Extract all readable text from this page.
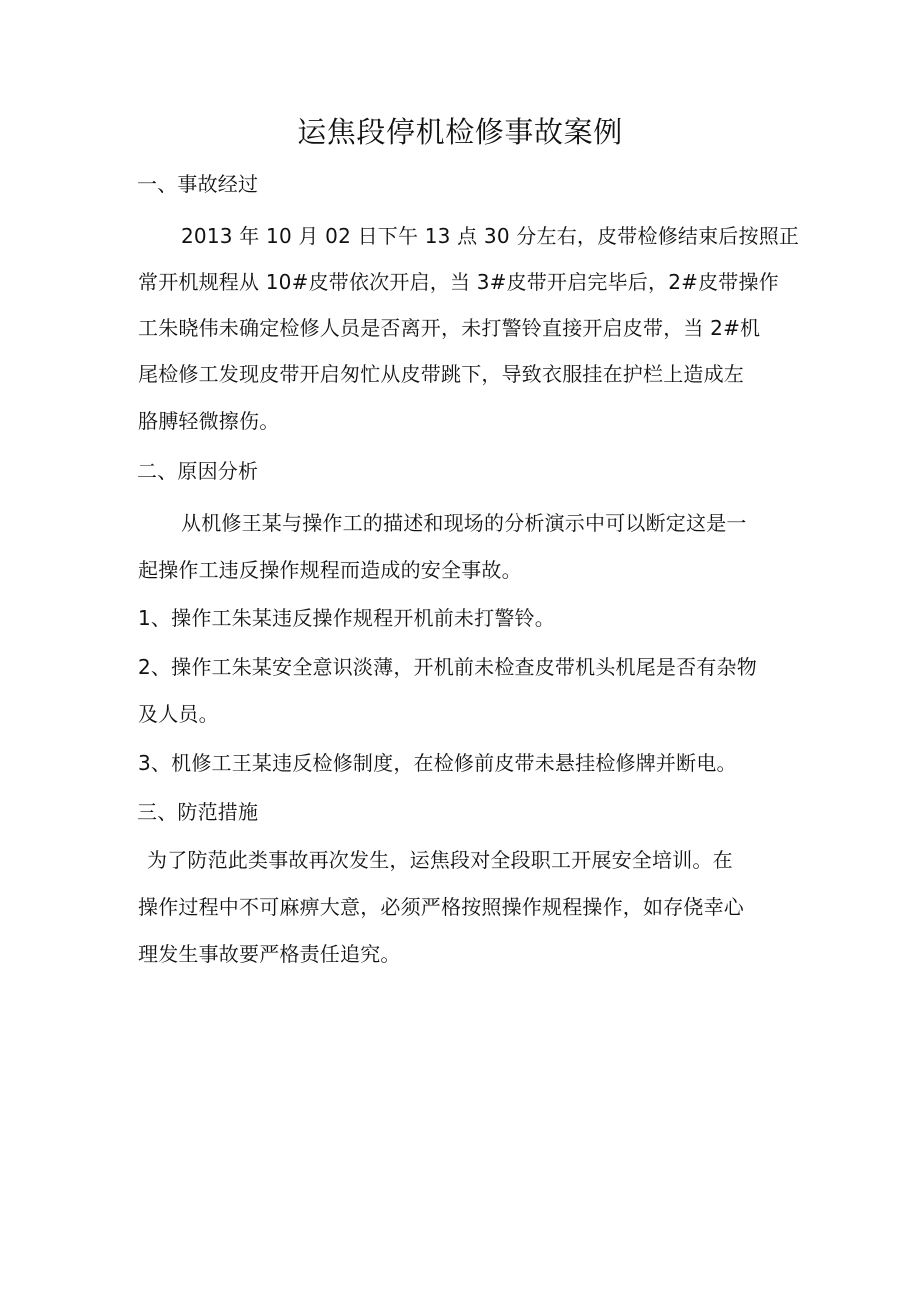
运焦段停机检修事故案例

一、事故经过

2013 年 10 月 02 日下午 13 点 30 分左右，皮带检修结束后按照正

常开机规程从 10#皮带依次开启，当 3#皮带开启完毕后，2#皮带操作

工朱晓伟未确定检修人员是否离开，未打警铃直接开启皮带，当 2#机

尾检修工发现皮带开启匆忙从皮带跳下，导致衣服挂在护栏上造成左

胳膊轻微擦伤。

二、原因分析

从机修王某与操作工的描述和现场的分析演示中可以断定这是一

起操作工违反操作规程而造成的安全事故。

1、操作工朱某违反操作规程开机前未打警铃。

2、操作工朱某安全意识淡薄，开机前未检查皮带机头机尾是否有杂物

及人员。

3、机修工王某违反检修制度，在检修前皮带未悬挂检修牌并断电。

三、防范措施

为了防范此类事故再次发生，运焦段对全段职工开展安全培训。在

操作过程中不可麻痹大意，必须严格按照操作规程操作，如存侥幸心

理发生事故要严格责任追究。
